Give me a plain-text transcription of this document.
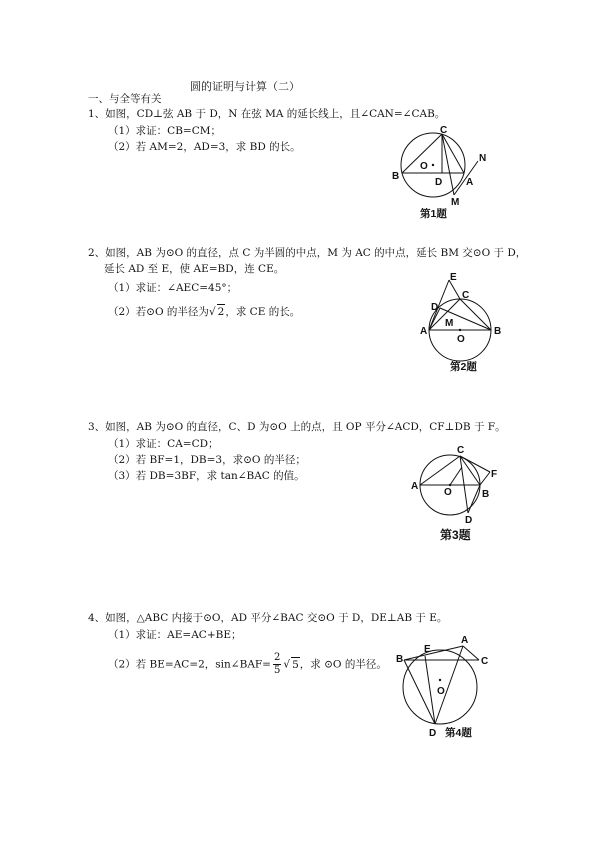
圆的证明与计算（二）
一、与全等有关
1、如图，CD⊥弦 AB 于 D，N 在弦 MA 的延长线上，且∠CAN=∠CAB。
（1）求证：CB=CM；
（2）若 AM=2，AD=3，求 BD 的长。
C
N
O
B
D A
M
第1题
2、如图，AB 为⊙O 的直径，点 C 为半圆的中点，M 为 AC 的中点，延长 BM 交⊙O 于 D，
延长 AD 至 E，使 AE=BD，连 CE。
（1）求证：∠AEC=45°；
（2）若⊙O 的半径为√ 2，求 CE 的长。
E
C
D
M
A	B
O
第2题
3、如图，AB 为⊙O 的直径，C、D 为⊙O 上的点，且 OP 平分∠ACD，CF⊥DB 于 F。
（1）求证：CA=CD；
（2）若 BF=1，DB=3，求⊙O 的半径；
（3）若 DB=3BF，求 tan∠BAC 的值。
C
A
O
F
B
D
第3题
4、如图，△ABC 内接于⊙O，AD 平分∠BAC 交⊙O 于 D，DE⊥AB 于 E。
（1）求证：AE=AC+BE；
（2）若 BE=AC=2，sin∠BAF= $\frac{2}{5}$ √ 5，求 ⊙O 的半径。
E
A
B	C
O
D 第4题
